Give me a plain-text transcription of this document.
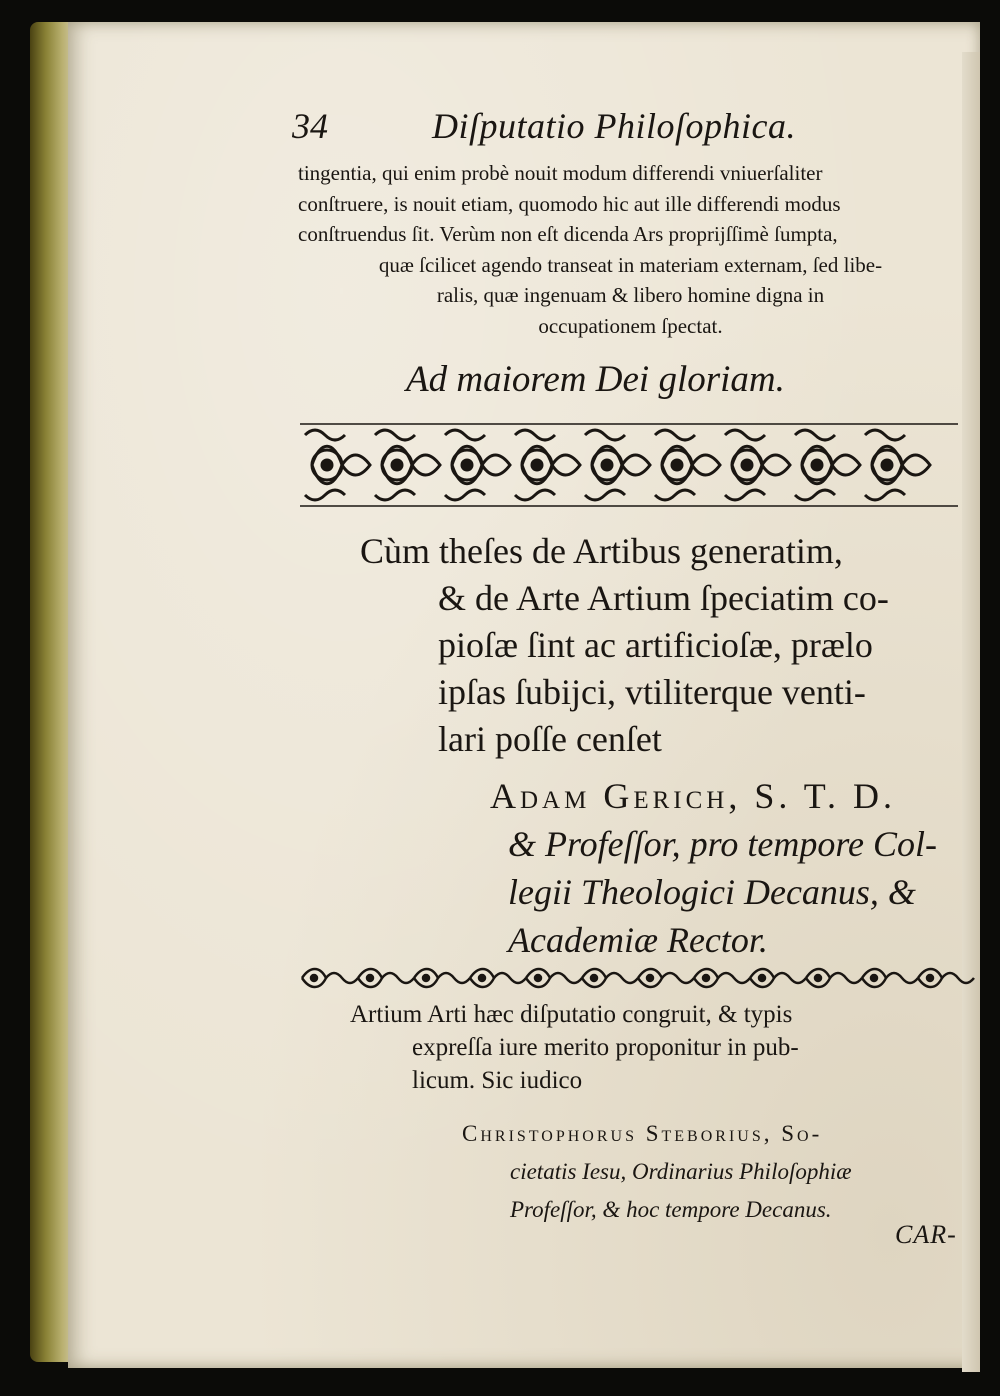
34	Diſputatio Philoſophica.
tingentia, qui enim probè nouit modum differendi vniuerſaliter
conſtruere, is nouit etiam, quomodo hic aut ille differendi modus
conſtruendus ſit. Verùm non eſt dicenda Ars proprijſſimè ſumpta,
quæ ſcilicet agendo transeat in materiam externam, ſed libe-
ralis, quæ ingenuam & libero homine digna in
occupationem ſpectat.
Ad maiorem Dei gloriam.
Cùm theſes de Artibus generatim,
& de Arte Artium ſpeciatim co-
pioſæ ſint ac artificioſæ, prælo
ipſas ſubijci, vtiliterque venti-
lari poſſe cenſet
Adam Gerich, S. T. D.
& Profeſſor, pro tempore Col-
legii Theologici Decanus, &
Academiæ Rector.
Artium Arti hæc diſputatio congruit, & typis
expreſſa iure merito proponitur in pub-
licum. Sic iudico
Christophorus Steborius, So-
cietatis Iesu, Ordinarius Philoſophiæ
Profeſſor, & hoc tempore Decanus.
CAR-
